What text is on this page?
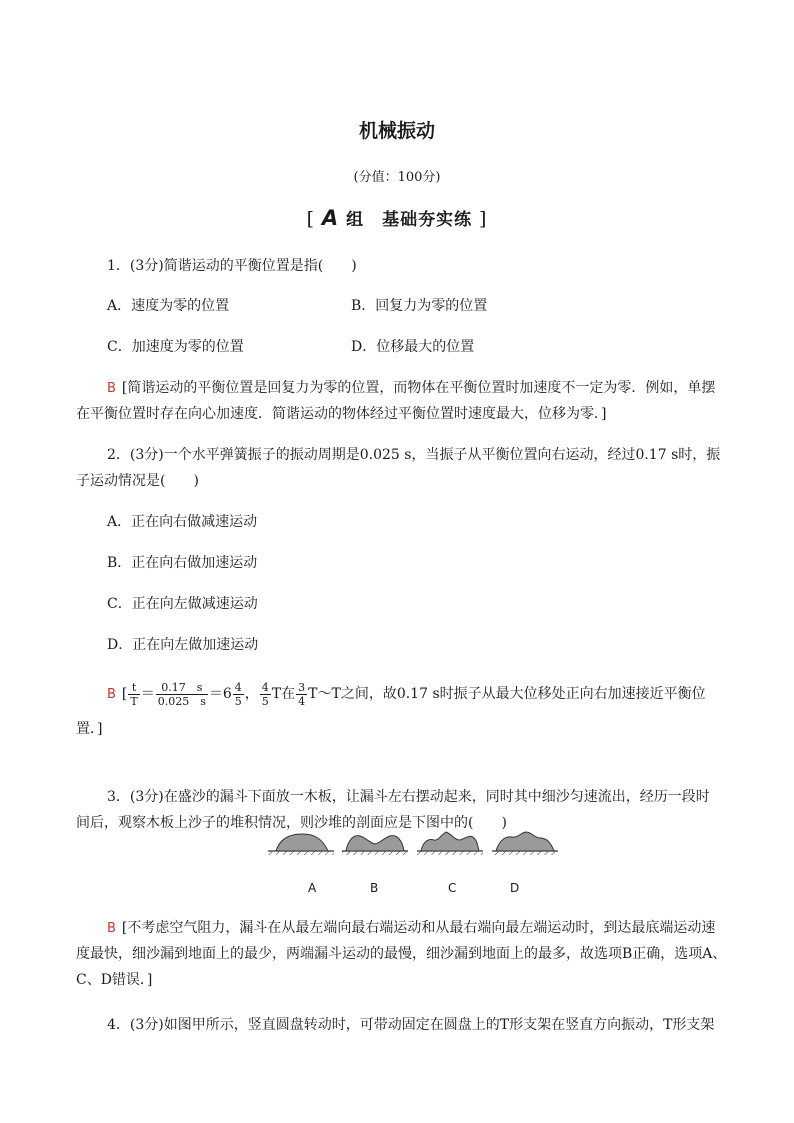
机械振动
(分值：100分)
[ A 组　基础夯实练 ]
1．(3分)简谐运动的平衡位置是指(　　)
A．速度为零的位置	B．回复力为零的位置
C．加速度为零的位置	D．位移最大的位置
B [简谐运动的平衡位置是回复力为零的位置，而物体在平衡位置时加速度不一定为零．例如，单摆
在平衡位置时存在向心加速度．简谐运动的物体经过平衡位置时速度最大，位移为零．]
2．(3分)一个水平弹簧振子的振动周期是0.025 s，当振子从平衡位置向右运动，经过0.17 s时，振
子运动情况是(　　)
A．正在向右做减速运动
B．正在向右做加速运动
C．正在向左做减速运动
D．正在向左做加速运动
B [ $\frac{t}{T} = \frac{0.17 s}{0.025 s} =6 \frac{4}{5}$ ， $\frac{4}{5}$ T在 $\frac{3}{4}$ T～T之间，故0.17 s时振子从最大位移处正向右加速接近平衡位
置．]
3．(3分)在盛沙的漏斗下面放一木板，让漏斗左右摆动起来，同时其中细沙匀速流出，经历一段时
间后，观察木板上沙子的堆积情况，则沙堆的剖面应是下图中的(　　)
A	B	C	D
B [不考虑空气阻力，漏斗在从最左端向最右端运动和从最右端向最左端运动时，到达最底端运动速
度最快，细沙漏到地面上的最少，两端漏斗运动的最慢，细沙漏到地面上的最多，故选项B正确，选项A、
C、D错误．]
4．(3分)如图甲所示，竖直圆盘转动时，可带动固定在圆盘上的T形支架在竖直方向振动，T形支架
